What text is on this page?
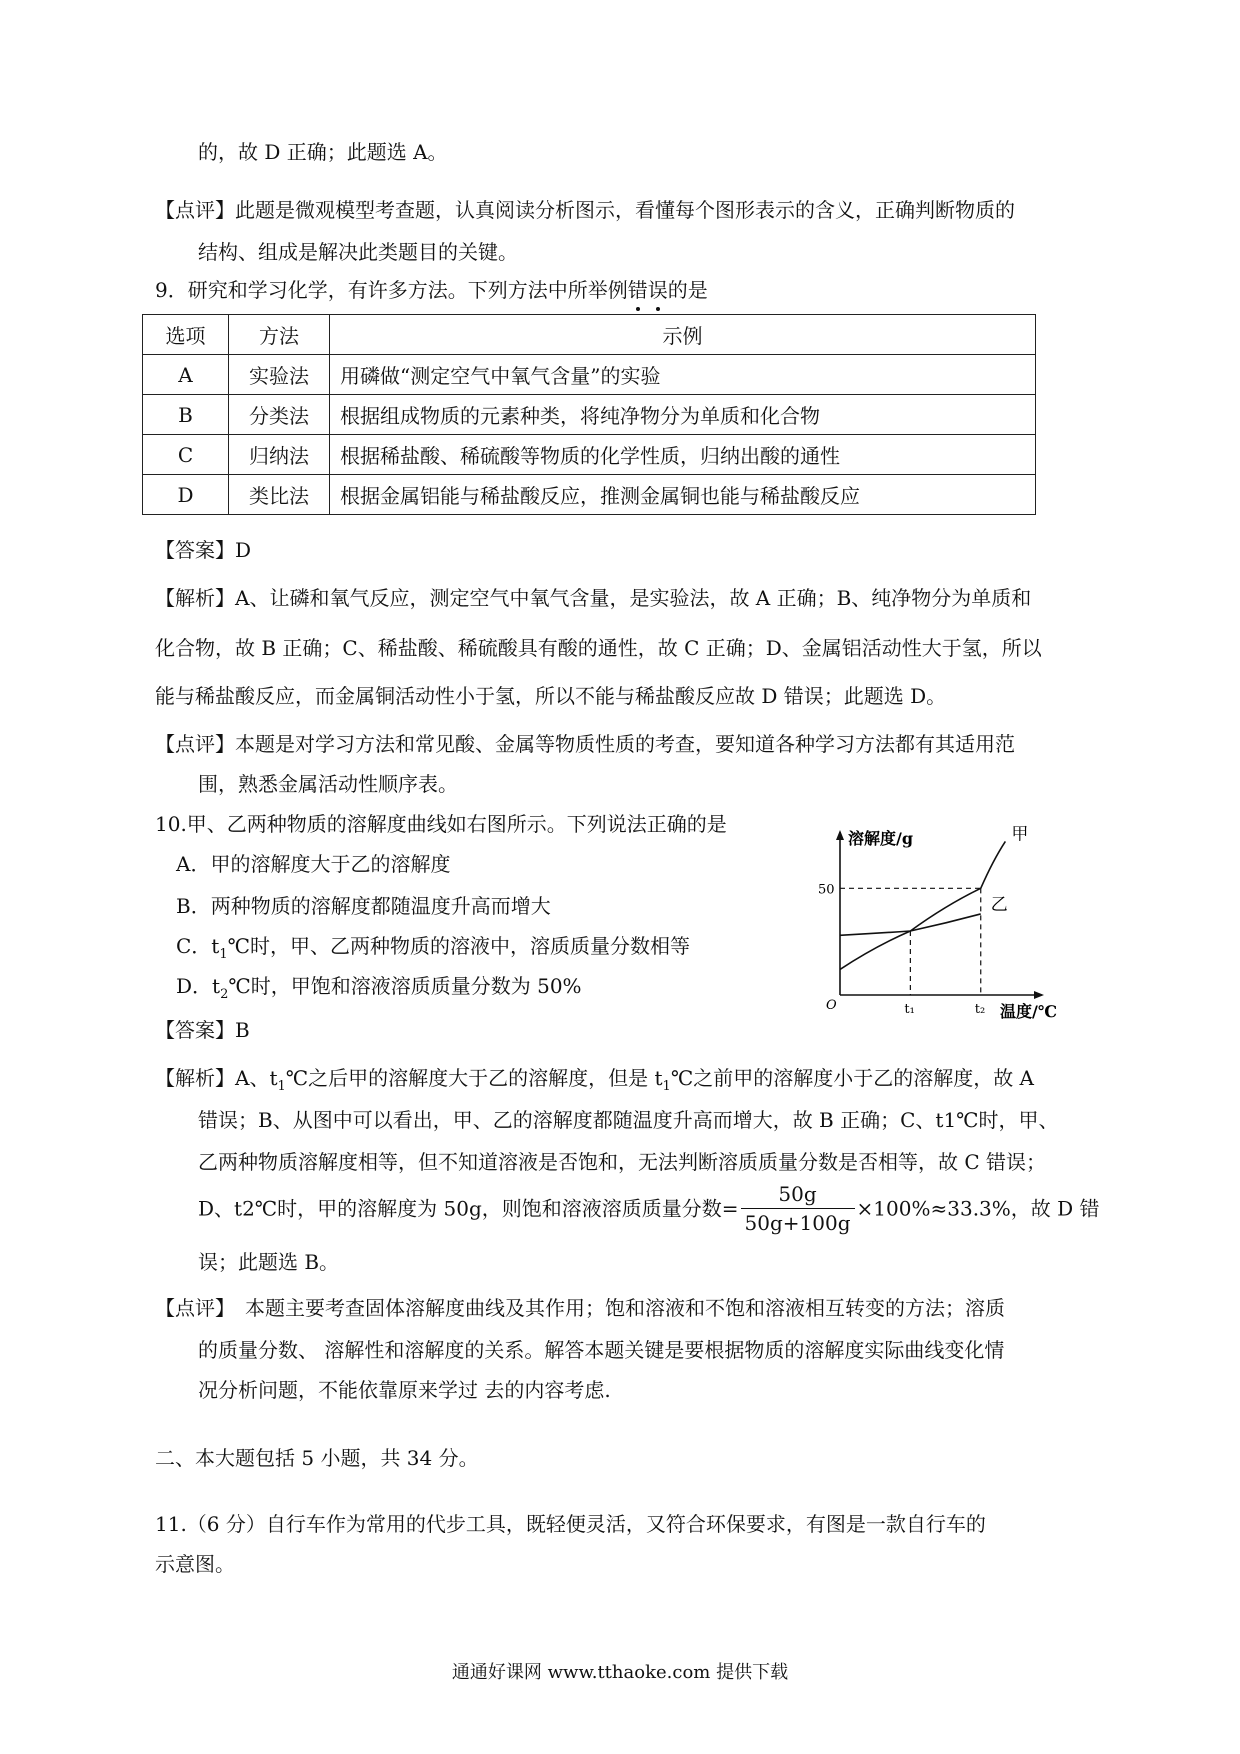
的，故 D 正确；此题选 A。
【点评】此题是微观模型考查题，认真阅读分析图示，看懂每个图形表示的含义，正确判断物质的
结构、组成是解决此类题目的关键。
9．研究和学习化学，有许多方法。下列方法中所举例错误的是
选项	方法	示例
A	实验法	用磷做“测定空气中氧气含量”的实验
B	分类法	根据组成物质的元素种类，将纯净物分为单质和化合物
C	归纳法	根据稀盐酸、稀硫酸等物质的化学性质，归纳出酸的通性
D	类比法	根据金属铝能与稀盐酸反应，推测金属铜也能与稀盐酸反应
【答案】D
【解析】A、让磷和氧气反应，测定空气中氧气含量，是实验法，故 A 正确；B、纯净物分为单质和
化合物，故 B 正确；C、稀盐酸、稀硫酸具有酸的通性，故 C 正确；D、金属铝活动性大于氢，所以
能与稀盐酸反应，而金属铜活动性小于氢，所以不能与稀盐酸反应故 D 错误；此题选 D。
【点评】本题是对学习方法和常见酸、金属等物质性质的考查，要知道各种学习方法都有其适用范
围，熟悉金属活动性顺序表。
10.甲、乙两种物质的溶解度曲线如右图所示。下列说法正确的是
A．甲的溶解度大于乙的溶解度
B．两种物质的溶解度都随温度升高而增大
C．$t_1℃$时，甲、乙两种物质的溶液中，溶质质量分数相等
D．$t_2℃$时，甲饱和溶液溶质质量分数为 50%
甲
乙
溶解度/g
温度/℃
O
50
t₁	t₂
【答案】B
【解析】A、$t_1℃$之后甲的溶解度大于乙的溶解度，但是 $t_1℃$之前甲的溶解度小于乙的溶解度，故 A
错误；B、从图中可以看出，甲、乙的溶解度都随温度升高而增大，故 B 正确；C、t1℃时，甲、
乙两种物质溶解度相等，但不知道溶液是否饱和，无法判断溶质质量分数是否相等，故 C 错误；
D、t2℃时，甲的溶解度为 50g，则饱和溶液溶质质量分数= $\frac{50g}{50g+100g} \times 100\%\approx 33.3\%$，故 D 错
误；此题选 B。
【点评】 本题主要考查固体溶解度曲线及其作用；饱和溶液和不饱和溶液相互转变的方法；溶质
的质量分数、 溶解性和溶解度的关系。解答本题关键是要根据物质的溶解度实际曲线变化情
况分析问题，不能依靠原来学过 去的内容考虑.
二、本大题包括 5 小题，共 34 分。
11.（6 分）自行车作为常用的代步工具，既轻便灵活，又符合环保要求，有图是一款自行车的
示意图。
通通好课网 www.tthaoke.com 提供下载
